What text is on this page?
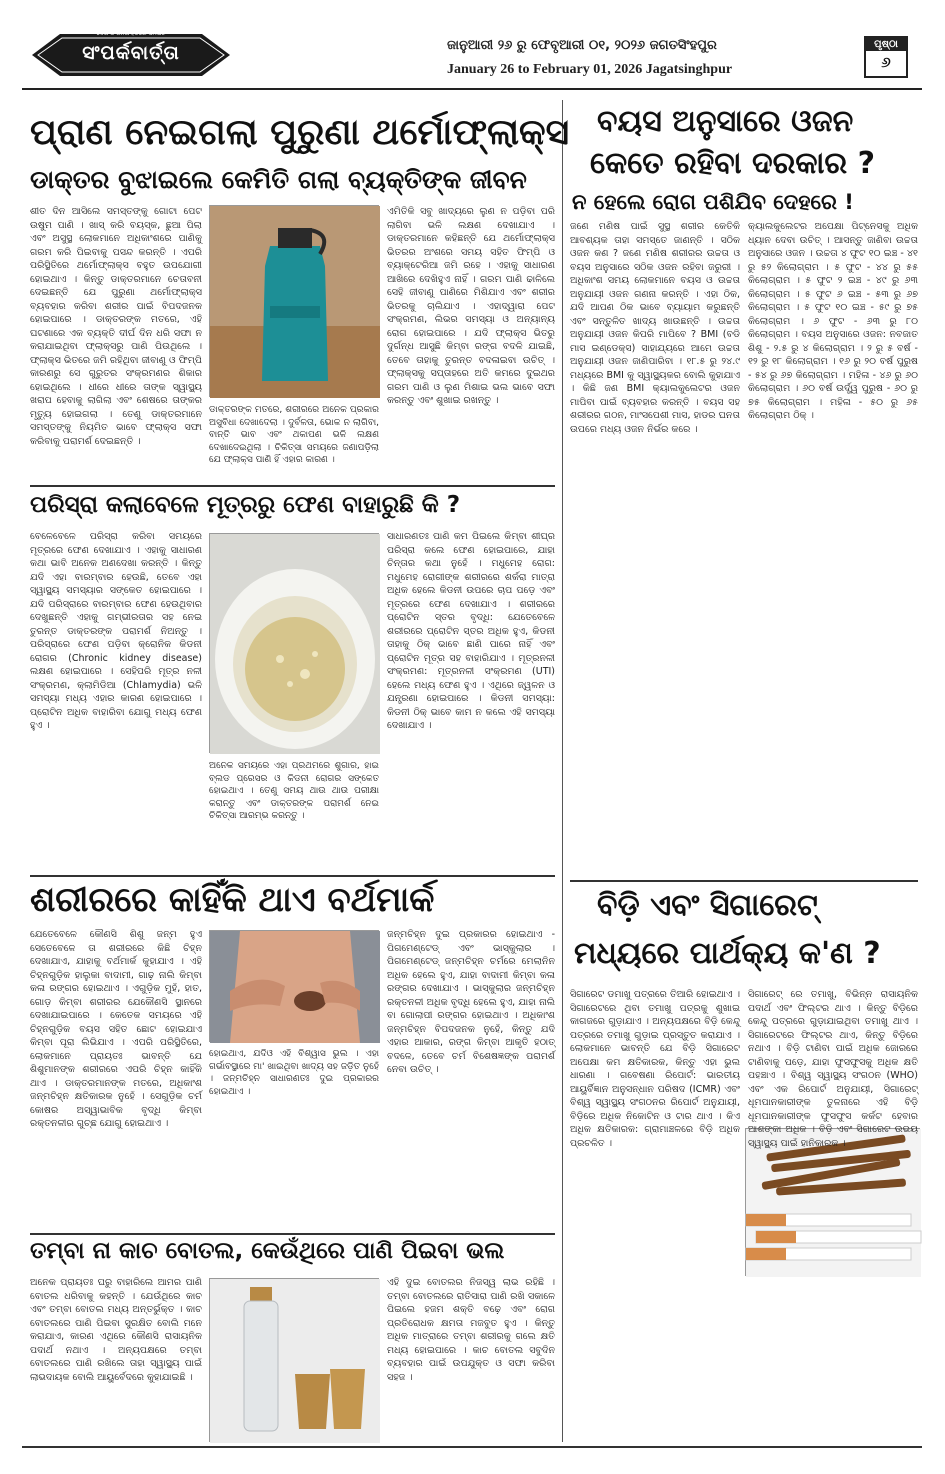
ଦେଶ ଓ ଜନତା ହିତରେ ସମର୍ପିତ
ସଂପର୍କବାର୍ତ୍ତା	ଜାନୁଆରୀ ୨୬ ରୁ ଫେବୃଆରୀ ୦୧, ୨୦୨୬ ଜଗତସିଂହପୁର
January 26 to February 01, 2026 Jagatsinghpur
ପୃଷ୍ଠା
୬
ପ୍ରାଣ ନେଇଗଲା ପୁରୁଣା ଥର୍ମୋଫ୍ଲାକ୍ସ
ଡାକ୍ତର ବୁଝାଇଲେ କେମିତି ଗଲା ବ୍ୟକ୍ତିଙ୍କ ଜୀବନ
ଶୀତ ଦିନ ଆସିଲେ ସମସ୍ତଙ୍କୁ ଗୋଟା ପେଟ ଉଷୁମ ପାଣି । ଖାସ୍ କରି ବୟସ୍କ, ଛୁଆ ପିଲା ଏବଂ ଅସୁସ୍ଥ ଲୋକମାନେ ଅଧିକାଂଶରେ ପାଣିକୁ ଗରମ କରି ପିଇବାକୁ ପସନ୍ଦ କରନ୍ତି । ଏପରି ପରିସ୍ଥିତିରେ ଥର୍ମୋଫ୍ଲାକ୍ସ ବହୁତ ଉପଯୋଗୀ ହୋଇଥାଏ । କିନ୍ତୁ ଡାକ୍ତରମାନେ ଚେତାବନୀ ଦେଇଛନ୍ତି ଯେ ପୁରୁଣା ଥର୍ମୋଫ୍ଲାକ୍ସ ବ୍ୟବହାର କରିବା ଶରୀର ପାଇଁ ବିପଦଜନକ ହୋଇପାରେ । ଡାକ୍ତରଙ୍କ ମତରେ, ଏହି ଘଟଣାରେ ଏକ ବ୍ୟକ୍ତି ଦୀର୍ଘ ଦିନ ଧରି ସଫା ନ କରାଯାଇଥିବା ଫ୍ଲାକ୍ସରୁ ପାଣି ପିଉଥିଲେ । ଫ୍ଲାକ୍ସ ଭିତରେ ଜମି ରହିଥିବା ଜୀବାଣୁ ଓ ଫିମ୍ପି କାରଣରୁ ସେ ଗୁରୁତର ସଂକ୍ରମଣର ଶିକାର ହୋଇଥିଲେ । ଧୀରେ ଧୀରେ ତାଙ୍କ ସ୍ୱାସ୍ଥ୍ୟ ଖରାପ ହେବାକୁ ଲାଗିଲା ଏବଂ ଶେଷରେ ତାଙ୍କର ମୃତ୍ୟୁ ହୋଇଗଲା । ତେଣୁ ଡାକ୍ତରମାନେ ସମସ୍ତଙ୍କୁ ନିୟମିତ ଭାବେ ଫ୍ଲାକ୍ସ ସଫା କରିବାକୁ ପରାମର୍ଶ ଦେଇଛନ୍ତି ।
ଡାକ୍ତରଙ୍କ ମତରେ, ଶରୀରରେ ଅନେକ ପ୍ରକାର ଅସୁବିଧା ଦେଖାଦେଲା । ଦୁର୍ବଳତା, ଭୋକ ନ ଲାଗିବା, ବାନ୍ତି ଭାବ ଏବଂ ଥକାପଣ ଭଳି ଲକ୍ଷଣ ଦେଖାଦେଇଥିଲା । ଚିକିତ୍ସା ସମୟରେ ଜଣାପଡ଼ିଲା ଯେ ଫ୍ଲାକ୍ସ ପାଣି ହିଁ ଏହାର କାରଣ ।
ଏମିତିକି ସବୁ ଖାଦ୍ୟରେ ଲୁଣ ନ ପଡ଼ିବା ପରି ଲାଗିବା ଭଳି ଲକ୍ଷଣ ଦେଖାଯାଏ । ଡାକ୍ତରମାନେ କହିଛନ୍ତି ଯେ ଥର୍ମୋଫ୍ଲାକ୍ସ ଭିତରର ଅଂଶରେ ସମୟ ସହିତ ଫିମ୍ପି ଓ ବ୍ୟାକ୍ଟେରିଆ ଜମି ରହେ । ଏହାକୁ ସାଧାରଣ ଆଖିରେ ଦେଖିହୁଏ ନାହିଁ । ଗରମ ପାଣି ଢାଳିଲେ ସେହି ଜୀବାଣୁ ପାଣିରେ ମିଶିଯାଏ ଏବଂ ଶରୀର ଭିତରକୁ ଚାଲିଯାଏ । ଏହାଦ୍ୱାରା ପେଟ ସଂକ୍ରମଣ, ଲିଭର ସମସ୍ୟା ଓ ଅନ୍ୟାନ୍ୟ ରୋଗ ହୋଇପାରେ । ଯଦି ଫ୍ଲାକ୍ସ ଭିତରୁ ଦୁର୍ଗନ୍ଧ ଆସୁଛି କିମ୍ବା ରଙ୍ଗ ବଦଳି ଯାଇଛି, ତେବେ ତାହାକୁ ତୁରନ୍ତ ବଦଳାଇବା ଉଚିତ୍ । ଫ୍ଲାକ୍ସକୁ ସପ୍ତାହରେ ଅତି କମରେ ଦୁଇଥର ଗରମ ପାଣି ଓ ଲୁଣ ମିଶାଇ ଭଲ ଭାବେ ସଫା କରନ୍ତୁ ଏବଂ ଶୁଖାଇ ରଖନ୍ତୁ ।
ପରିସ୍ରା କଲାବେଳେ ମୂତ୍ରରୁ ଫେଣ ବାହାରୁଛି କି ?
ବେଳେବେଳେ ପରିସ୍ରା କରିବା ସମୟରେ ମୂତ୍ରରେ ଫେଣ ଦେଖାଯାଏ । ଏହାକୁ ସାଧାରଣ କଥା ଭାବି ଅନେକ ଅଣଦେଖା କରନ୍ତି । କିନ୍ତୁ ଯଦି ଏହା ବାରମ୍ବାର ହେଉଛି, ତେବେ ଏହା ସ୍ୱାସ୍ଥ୍ୟ ସମସ୍ୟାର ସଙ୍କେତ ହୋଇପାରେ । ଯଦି ପରିସ୍ରାରେ ବାରମ୍ବାର ଫେଣ ହେଉଥିବାର ଦେଖୁଛନ୍ତି ଏହାକୁ ଗମ୍ଭୀରତାର ସହ ନେଇ ତୁରନ୍ତ ଡାକ୍ତରଙ୍କ ପରାମର୍ଶ ନିଅନ୍ତୁ । ପରିସ୍ରାରେ ଫେଣ ପଡ଼ିବା କ୍ରୋନିକ କିଡନୀ ରୋଗର (Chronic kidney disease) ଲକ୍ଷଣ ହୋଇପାରେ । ସେହିପରି ମୂତ୍ର ନଳୀ ସଂକ୍ରମଣ, କ୍ଲାମିଡିଆ (Chlamydia) ଭଳି ସମସ୍ୟା ମଧ୍ୟ ଏହାର କାରଣ ହୋଇପାରେ । ପ୍ରୋଟିନ ଅଧିକ ବାହାରିବା ଯୋଗୁ ମଧ୍ୟ ଫେଣ ହୁଏ ।
ଅନେକ ସମୟରେ ଏହା ପ୍ରଥମରେ ଶୁଗାର, ହାଇ ବ୍ଲଡ ପ୍ରେସର ଓ କିଡନୀ ରୋଗର ସଙ୍କେତ ହୋଇଥାଏ । ତେଣୁ ସମୟ ଥାଉ ଥାଉ ପରୀକ୍ଷା କରାନ୍ତୁ ଏବଂ ଡାକ୍ତରଙ୍କ ପରାମର୍ଶ ନେଇ ଚିକିତ୍ସା ଆରମ୍ଭ କରନ୍ତୁ ।
ସାଧାରଣତଃ ପାଣି କମ ପିଇଲେ କିମ୍ବା ଶୀଘ୍ର ପରିସ୍ରା କଲେ ଫେଣ ହୋଇପାରେ, ଯାହା ଚିନ୍ତାର କଥା ନୁହେଁ । ମଧୁମେହ ରୋଗ: ମଧୁମେହ ରୋଗୀଙ୍କ ଶରୀରରେ ଶର୍କରା ମାତ୍ରା ଅଧିକ ହେଲେ କିଡନୀ ଉପରେ ଚାପ ପଡ଼େ ଏବଂ ମୂତ୍ରରେ ଫେଣ ଦେଖାଯାଏ । ଶରୀରରେ ପ୍ରୋଟିନ ସ୍ତର ବୃଦ୍ଧି: ଯେତେବେଳେ ଶରୀରରେ ପ୍ରୋଟିନ ସ୍ତର ଅଧିକ ହୁଏ, କିଡନୀ ତାହାକୁ ଠିକ୍ ଭାବେ ଛାଣି ପାରେ ନାହିଁ ଏବଂ ପ୍ରୋଟିନ ମୂତ୍ର ସହ ବାହାରିଯାଏ । ମୂତ୍ରନଳୀ ସଂକ୍ରମଣ: ମୂତ୍ରନଳୀ ସଂକ୍ରମଣ (UTI) ହେଲେ ମଧ୍ୟ ଫେଣ ହୁଏ । ଏଥିରେ ଜ୍ୱଳନ ଓ ଯନ୍ତ୍ରଣା ହୋଇପାରେ । କିଡନୀ ସମସ୍ୟା: କିଡନୀ ଠିକ୍ ଭାବେ କାମ ନ କଲେ ଏହି ସମସ୍ୟା ଦେଖାଯାଏ ।
ଶରୀରରେ କାହିଁକି ଥାଏ ବର୍ଥମାର୍କ
ଯେତେବେଳେ କୌଣସି ଶିଶୁ ଜନ୍ମ ହୁଏ ସେତେବେଳେ ତା ଶରୀରରେ କିଛି ଚିହ୍ନ ଦେଖାଯାଏ, ଯାହାକୁ ବର୍ଥମାର୍କ କୁହାଯାଏ । ଏହି ଚିହ୍ନଗୁଡ଼ିକ ହାଲୁକା ବାଦାମୀ, ଗାଢ଼ ନାଲି କିମ୍ବା କଳା ରଙ୍ଗର ହୋଇଥାଏ । ଏଗୁଡ଼ିକ ମୁହଁ, ହାତ, ଗୋଡ଼ କିମ୍ବା ଶରୀରର ଯେକୌଣସି ସ୍ଥାନରେ ଦେଖାଯାଇପାରେ । କେତେକ ସମୟରେ ଏହି ଚିହ୍ନଗୁଡ଼ିକ ବୟସ ସହିତ ଛୋଟ ହୋଇଯାଏ କିମ୍ବା ପୂରା ଲିଭିଯାଏ । ଏପରି ପରିସ୍ଥିତିରେ, ଲୋକମାନେ ପ୍ରାୟତଃ ଭାବନ୍ତି ଯେ ଶିଶୁମାନଙ୍କ ଶରୀରରେ ଏପରି ଚିହ୍ନ କାହିଁକି ଥାଏ । ଡାକ୍ତରମାନଙ୍କ ମତରେ, ଅଧିକାଂଶ ଜନ୍ମଚିହ୍ନ କ୍ଷତିକାରକ ନୁହେଁ । ସେଗୁଡ଼ିକ ଚର୍ମ କୋଷର ଅସ୍ୱାଭାବିକ ବୃଦ୍ଧି କିମ୍ବା ରକ୍ତନଳୀର ଗୁଚ୍ଛ ଯୋଗୁ ହୋଇଥାଏ ।
ହୋଇଥାଏ, ଯଦିଓ ଏହି ବିଶ୍ୱାସ ଭୁଲ । ଏହା ଗର୍ଭାବସ୍ଥାରେ ମା' ଖାଇଥିବା ଖାଦ୍ୟ ସହ ଜଡ଼ିତ ନୁହେଁ । ଜନ୍ମଚିହ୍ନ ସାଧାରଣତଃ ଦୁଇ ପ୍ରକାରର ହୋଇଥାଏ ।
ଜନ୍ମଚିହ୍ନ ଦୁଇ ପ୍ରକାରର ହୋଇଥାଏ - ପିଗମେଣ୍ଟେଡ୍ ଏବଂ ଭାସ୍କୁଲାର । ପିଗମେଣ୍ଟେଡ୍ ଜନ୍ମଚିହ୍ନ ଚର୍ମରେ ମେଲାନିନ ଅଧିକ ହେଲେ ହୁଏ, ଯାହା ବାଦାମୀ କିମ୍ବା କଳା ରଙ୍ଗର ଦେଖାଯାଏ । ଭାସ୍କୁଲାର ଜନ୍ମଚିହ୍ନ ରକ୍ତନଳୀ ଅଧିକ ବୃଦ୍ଧି ହେଲେ ହୁଏ, ଯାହା ନାଲି ବା ଗୋଲାପୀ ରଙ୍ଗର ହୋଇଥାଏ । ଅଧିକାଂଶ ଜନ୍ମଚିହ୍ନ ବିପଦଜନକ ନୁହେଁ, କିନ୍ତୁ ଯଦି ଏହାର ଆକାର, ରଙ୍ଗ କିମ୍ବା ଆକୃତି ହଠାତ୍ ବଦଳେ, ତେବେ ଚର୍ମ ବିଶେଷଜ୍ଞଙ୍କ ପରାମର୍ଶ ନେବା ଉଚିତ୍ ।
ତମ୍ବା ନା କାଚ ବୋତଲ, କେଉଁଥିରେ ପାଣି ପିଇବା ଭଲ
ଅନେକ ପ୍ରାୟତଃ ଘରୁ ବାହାରିଲେ ଆମର ପାଣି ବୋତଲ ଧରିବାକୁ କହନ୍ତି । ଯେଉଁଥିରେ କାଚ ଏବଂ ତମ୍ବା ବୋତଲ ମଧ୍ୟ ଅନ୍ତର୍ଭୁକ୍ତ । କାଚ ବୋତଲରେ ପାଣି ପିଇବା ସୁରକ୍ଷିତ ବୋଲି ମନେ କରାଯାଏ, କାରଣ ଏଥିରେ କୌଣସି ରାସାୟନିକ ପଦାର୍ଥ ନଥାଏ । ଅନ୍ୟପକ୍ଷରେ ତମ୍ବା ବୋତଲରେ ପାଣି ରଖିଲେ ତାହା ସ୍ୱାସ୍ଥ୍ୟ ପାଇଁ ଲାଭଦାୟକ ବୋଲି ଆୟୁର୍ବେଦରେ କୁହାଯାଇଛି ।
ଏହି ଦୁଇ ବୋତଲର ନିଜସ୍ୱ ଲାଭ ରହିଛି । ତମ୍ବା ବୋତଲରେ ରାତିସାରା ପାଣି ରଖି ସକାଳେ ପିଇଲେ ହଜମ ଶକ୍ତି ବଢ଼େ ଏବଂ ରୋଗ ପ୍ରତିରୋଧକ କ୍ଷମତା ମଜବୁତ ହୁଏ । କିନ୍ତୁ ଅଧିକ ମାତ୍ରାରେ ତମ୍ବା ଶରୀରକୁ ଗଲେ କ୍ଷତି ମଧ୍ୟ ହୋଇପାରେ । କାଚ ବୋତଲ ସବୁଦିନ ବ୍ୟବହାର ପାଇଁ ଉପଯୁକ୍ତ ଓ ସଫା କରିବା ସହଜ ।
ବୟସ ଅନୁସାରେ ଓଜନ
କେତେ ରହିବା ଦରକାର ?
ନ ହେଲେ ରୋଗ ପଶିଯିବ ଦେହରେ !
ଜଣେ ମଣିଷ ପାଇଁ ସୁସ୍ଥ ଶରୀର କେତିକି ଆବଶ୍ୟକ ତାହା ସମସ୍ତେ ଜାଣନ୍ତି । ସଠିକ ଓଜନ କଣ ? ଜଣେ ମଣିଷ ଶରୀରର ଉଚ୍ଚତା ଓ ବୟସ ଅନୁସାରେ ସଠିକ ଓଜନ ରହିବା ଜରୁରୀ । ଅଧିକାଂଶ ସମୟ ଲୋକମାନେ ବୟସ ଓ ଉଚ୍ଚତା ଅନୁଯାୟୀ ଓଜନ ଗଣନା କରନ୍ତି । ଏହା ଠିକ, ଯଦି ଆପଣ ଠିକ ଭାବେ ବ୍ୟାୟାମ କରୁଛନ୍ତି ଏବଂ ସନ୍ତୁଳିତ ଖାଦ୍ୟ ଖାଉଛନ୍ତି । ଉଚ୍ଚତା ଅନୁଯାୟୀ ଓଜନ କିପରି ମାପିବେ ? BMI (ବଡି ମାସ ଇଣ୍ଡେକ୍ସ) ସାହାଯ୍ୟରେ ଆମେ ଉଚ୍ଚତା ଅନୁଯାୟୀ ଓଜନ ଜାଣିପାରିବା । ୧୮.୫ ରୁ ୨୪.୯ ମଧ୍ୟରେ BMI କୁ ସ୍ୱାସ୍ଥ୍ୟକର ବୋଲି କୁହାଯାଏ । କିଛି ଜଣ BMI କ୍ୟାଲକୁଲେଟର ଓଜନ ମାପିବା ପାଇଁ ବ୍ୟବହାର କରନ୍ତି । ବୟସ ସହ ଶରୀରର ଗଠନ, ମାଂସପେଶୀ ମାସ, ହାଡର ଘନତା ଉପରେ ମଧ୍ୟ ଓଜନ ନିର୍ଭର କରେ ।
କ୍ୟାଲକୁଲେଟର ଅପେକ୍ଷା ପିଟ୍ନେସକୁ ଅଧିକ ଧ୍ୟାନ ଦେବା ଉଚିତ୍ । ଆସନ୍ତୁ ଜାଣିବା ଉଚ୍ଚତା ଅନୁସାରେ ଓଜନ । ଉଚ୍ଚତା ୪ ଫୁଟ ୧୦ ଇଞ୍ଚ - ୪୧ ରୁ ୫୨ କିଲୋଗ୍ରାମ । ୫ ଫୁଟ - ୪୪ ରୁ ୫୫ କିଲୋଗ୍ରାମ । ୫ ଫୁଟ ୨ ଇଞ୍ଚ - ୪୯ ରୁ ୬୩ କିଲୋଗ୍ରାମ । ୫ ଫୁଟ ୬ ଇଞ୍ଚ - ୫୩ ରୁ ୬୭ କିଲୋଗ୍ରାମ । ୫ ଫୁଟ ୧୦ ଇଞ୍ଚ - ୫୯ ରୁ ୭୫ କିଲୋଗ୍ରାମ । ୬ ଫୁଟ - ୬୩ ରୁ ୮୦ କିଲୋଗ୍ରାମ । ବୟସ ଅନୁସାରେ ଓଜନ: ନବଜାତ ଶିଶୁ - ୨.୫ ରୁ ୪ କିଲୋଗ୍ରାମ । ୨ ରୁ ୫ ବର୍ଷ - ୧୨ ରୁ ୧୮ କିଲୋଗ୍ରାମ । ୧୬ ରୁ ୨୦ ବର୍ଷ ପୁରୁଷ - ୫୪ ରୁ ୬୭ କିଲୋଗ୍ରାମ । ମହିଳା - ୪୬ ରୁ ୬୦ କିଲୋଗ୍ରାମ । ୬୦ ବର୍ଷ ଉର୍ଦ୍ଧ୍ୱ ପୁରୁଷ - ୬୦ ରୁ ୭୫ କିଲୋଗ୍ରାମ । ମହିଳା - ୫୦ ରୁ ୬୫ କିଲୋଗ୍ରାମ ଠିକ୍ ।
ବିଡ଼ି ଏବଂ ସିଗାରେଟ୍
ମଧ୍ୟରେ ପାର୍ଥକ୍ୟ କ'ଣ ?
ସିଗାରେଟ ଡମାଖୁ ପତ୍ରରେ ତିଆରି ହୋଇଥାଏ । ସିଗାରେଟରେ ଥିବା ତମାଖୁ ପତ୍ରକୁ ଶୁଖାଇ କାଗଜରେ ଗୁଡ଼ାଯାଏ । ଅନ୍ୟପକ୍ଷରେ ବିଡ଼ି କେନ୍ଦୁ ପତ୍ରରେ ତମାଖୁ ଗୁଡ଼ାଇ ପ୍ରସ୍ତୁତ କରାଯାଏ । ଲୋକମାନେ ଭାବନ୍ତି ଯେ ବିଡ଼ି ସିଗାରେଟ ଅପେକ୍ଷା କମ କ୍ଷତିକାରକ, କିନ୍ତୁ ଏହା ଭୁଲ ଧାରଣା । ଗବେଷଣା ରିପୋର୍ଟ: ଭାରତୀୟ ଆୟୁର୍ବିଜ୍ଞାନ ଅନୁସନ୍ଧାନ ପରିଷଦ (ICMR) ଏବଂ ବିଶ୍ୱ ସ୍ୱାସ୍ଥ୍ୟ ସଂଗଠନର ରିପୋର୍ଟ ଅନୁଯାୟୀ, ବିଡ଼ିରେ ଅଧିକ ନିକୋଟିନ ଓ ଟାର ଥାଏ । କିଏ ଅଧିକ କ୍ଷତିକାରକ: ଗ୍ରାମାଞ୍ଚଳରେ ବିଡ଼ି ଅଧିକ ପ୍ରଚଳିତ ।
ସିଗାରେଟ୍ ରେ ତମାଖୁ, ବିଭିନ୍ନ ରାସାୟନିକ ପଦାର୍ଥ ଏବଂ ଫିଲ୍ଟର ଥାଏ । କିନ୍ତୁ ବିଡ଼ିରେ କେନ୍ଦୁ ପତ୍ରରେ ଗୁଡ଼ାଯାଇଥିବା ତମାଖୁ ଥାଏ । ସିଗାରେଟରେ ଫିଲ୍ଟର ଥାଏ, କିନ୍ତୁ ବିଡ଼ିରେ ନଥାଏ । ବିଡ଼ି ଟାଣିବା ପାଇଁ ଅଧିକ ଜୋରରେ ଟାଣିବାକୁ ପଡ଼େ, ଯାହା ଫୁସଫୁସକୁ ଅଧିକ କ୍ଷତି ପହଞ୍ଚାଏ । ବିଶ୍ୱ ସ୍ୱାସ୍ଥ୍ୟ ସଂଗଠନ (WHO) ଏବଂ ଏକ ରିପୋର୍ଟ ଅନୁଯାୟୀ, ସିଗାରେଟ୍ ଧୂମପାନକାରୀଙ୍କ ତୁଳନାରେ ଏହି ବିଡ଼ି ଧୂମପାନକାରୀଙ୍କ ଫୁସଫୁସ କର୍କଟ ହେବାର ଆଶଙ୍କା ଅଧିକ । ବିଡ଼ି ଏବଂ ସିଗାରେଟ ଉଭୟ ସ୍ୱାସ୍ଥ୍ୟ ପାଇଁ ହାନିକାରକ ।
